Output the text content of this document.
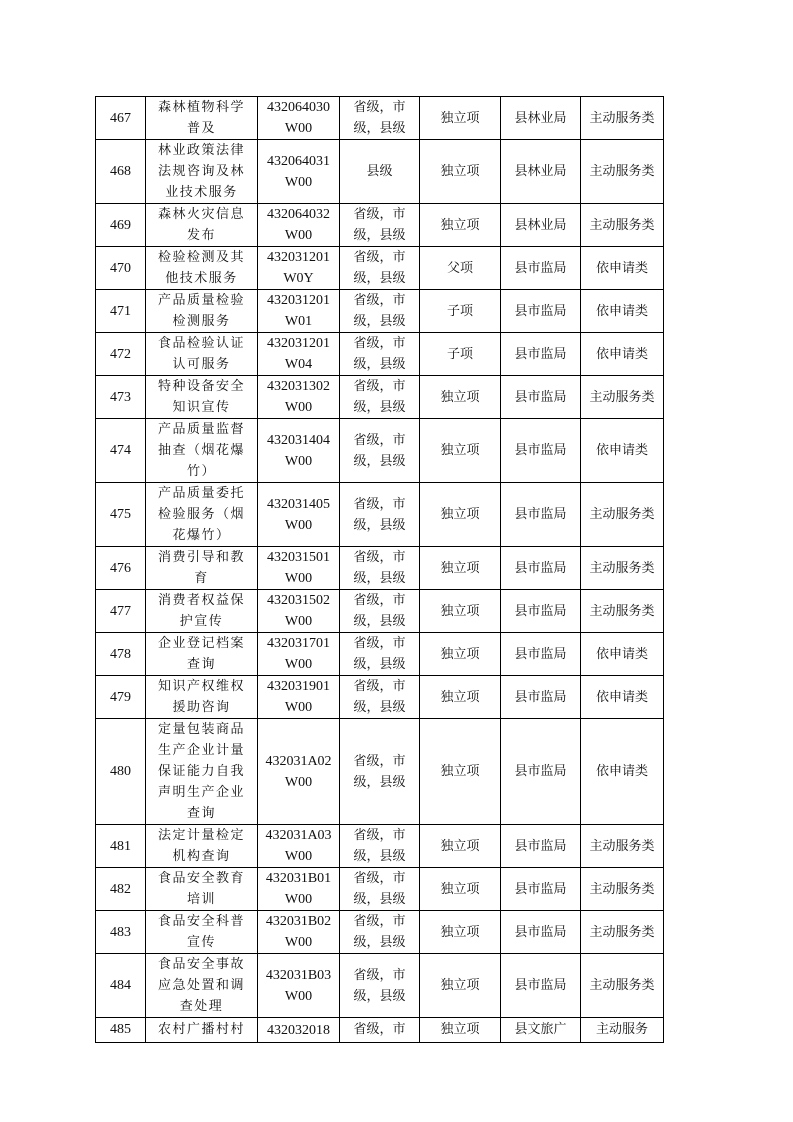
467	森林植物科学普及	432064030W00	省级，市级，县级	独立项	县林业局	主动服务类
468	林业政策法律法规咨询及林业技术服务	432064031W00	县级	独立项	县林业局	主动服务类
469	森林火灾信息发布	432064032W00	省级，市级，县级	独立项	县林业局	主动服务类
470	检验检测及其他技术服务	432031201W0Y	省级，市级，县级	父项	县市监局	依申请类
471	产品质量检验检测服务	432031201W01	省级，市级，县级	子项	县市监局	依申请类
472	食品检验认证认可服务	432031201W04	省级，市级，县级	子项	县市监局	依申请类
473	特种设备安全知识宣传	432031302W00	省级，市级，县级	独立项	县市监局	主动服务类
474	产品质量监督抽查（烟花爆竹）	432031404W00	省级，市级，县级	独立项	县市监局	依申请类
475	产品质量委托检验服务（烟花爆竹）	432031405W00	省级，市级，县级	独立项	县市监局	主动服务类
476	消费引导和教育	432031501W00	省级，市级，县级	独立项	县市监局	主动服务类
477	消费者权益保护宣传	432031502W00	省级，市级，县级	独立项	县市监局	主动服务类
478	企业登记档案查询	432031701W00	省级，市级，县级	独立项	县市监局	依申请类
479	知识产权维权援助咨询	432031901W00	省级，市级，县级	独立项	县市监局	依申请类
480	定量包装商品生产企业计量保证能力自我声明生产企业查询	432031A02W00	省级，市级，县级	独立项	县市监局	依申请类
481	法定计量检定机构查询	432031A03W00	省级，市级，县级	独立项	县市监局	主动服务类
482	食品安全教育培训	432031B01W00	省级，市级，县级	独立项	县市监局	主动服务类
483	食品安全科普宣传	432031B02W00	省级，市级，县级	独立项	县市监局	主动服务类
484	食品安全事故应急处置和调查处理	432031B03W00	省级，市级，县级	独立项	县市监局	主动服务类
485	农村广播村村	432032018	省级，市	独立项	县文旅广	主动服务
